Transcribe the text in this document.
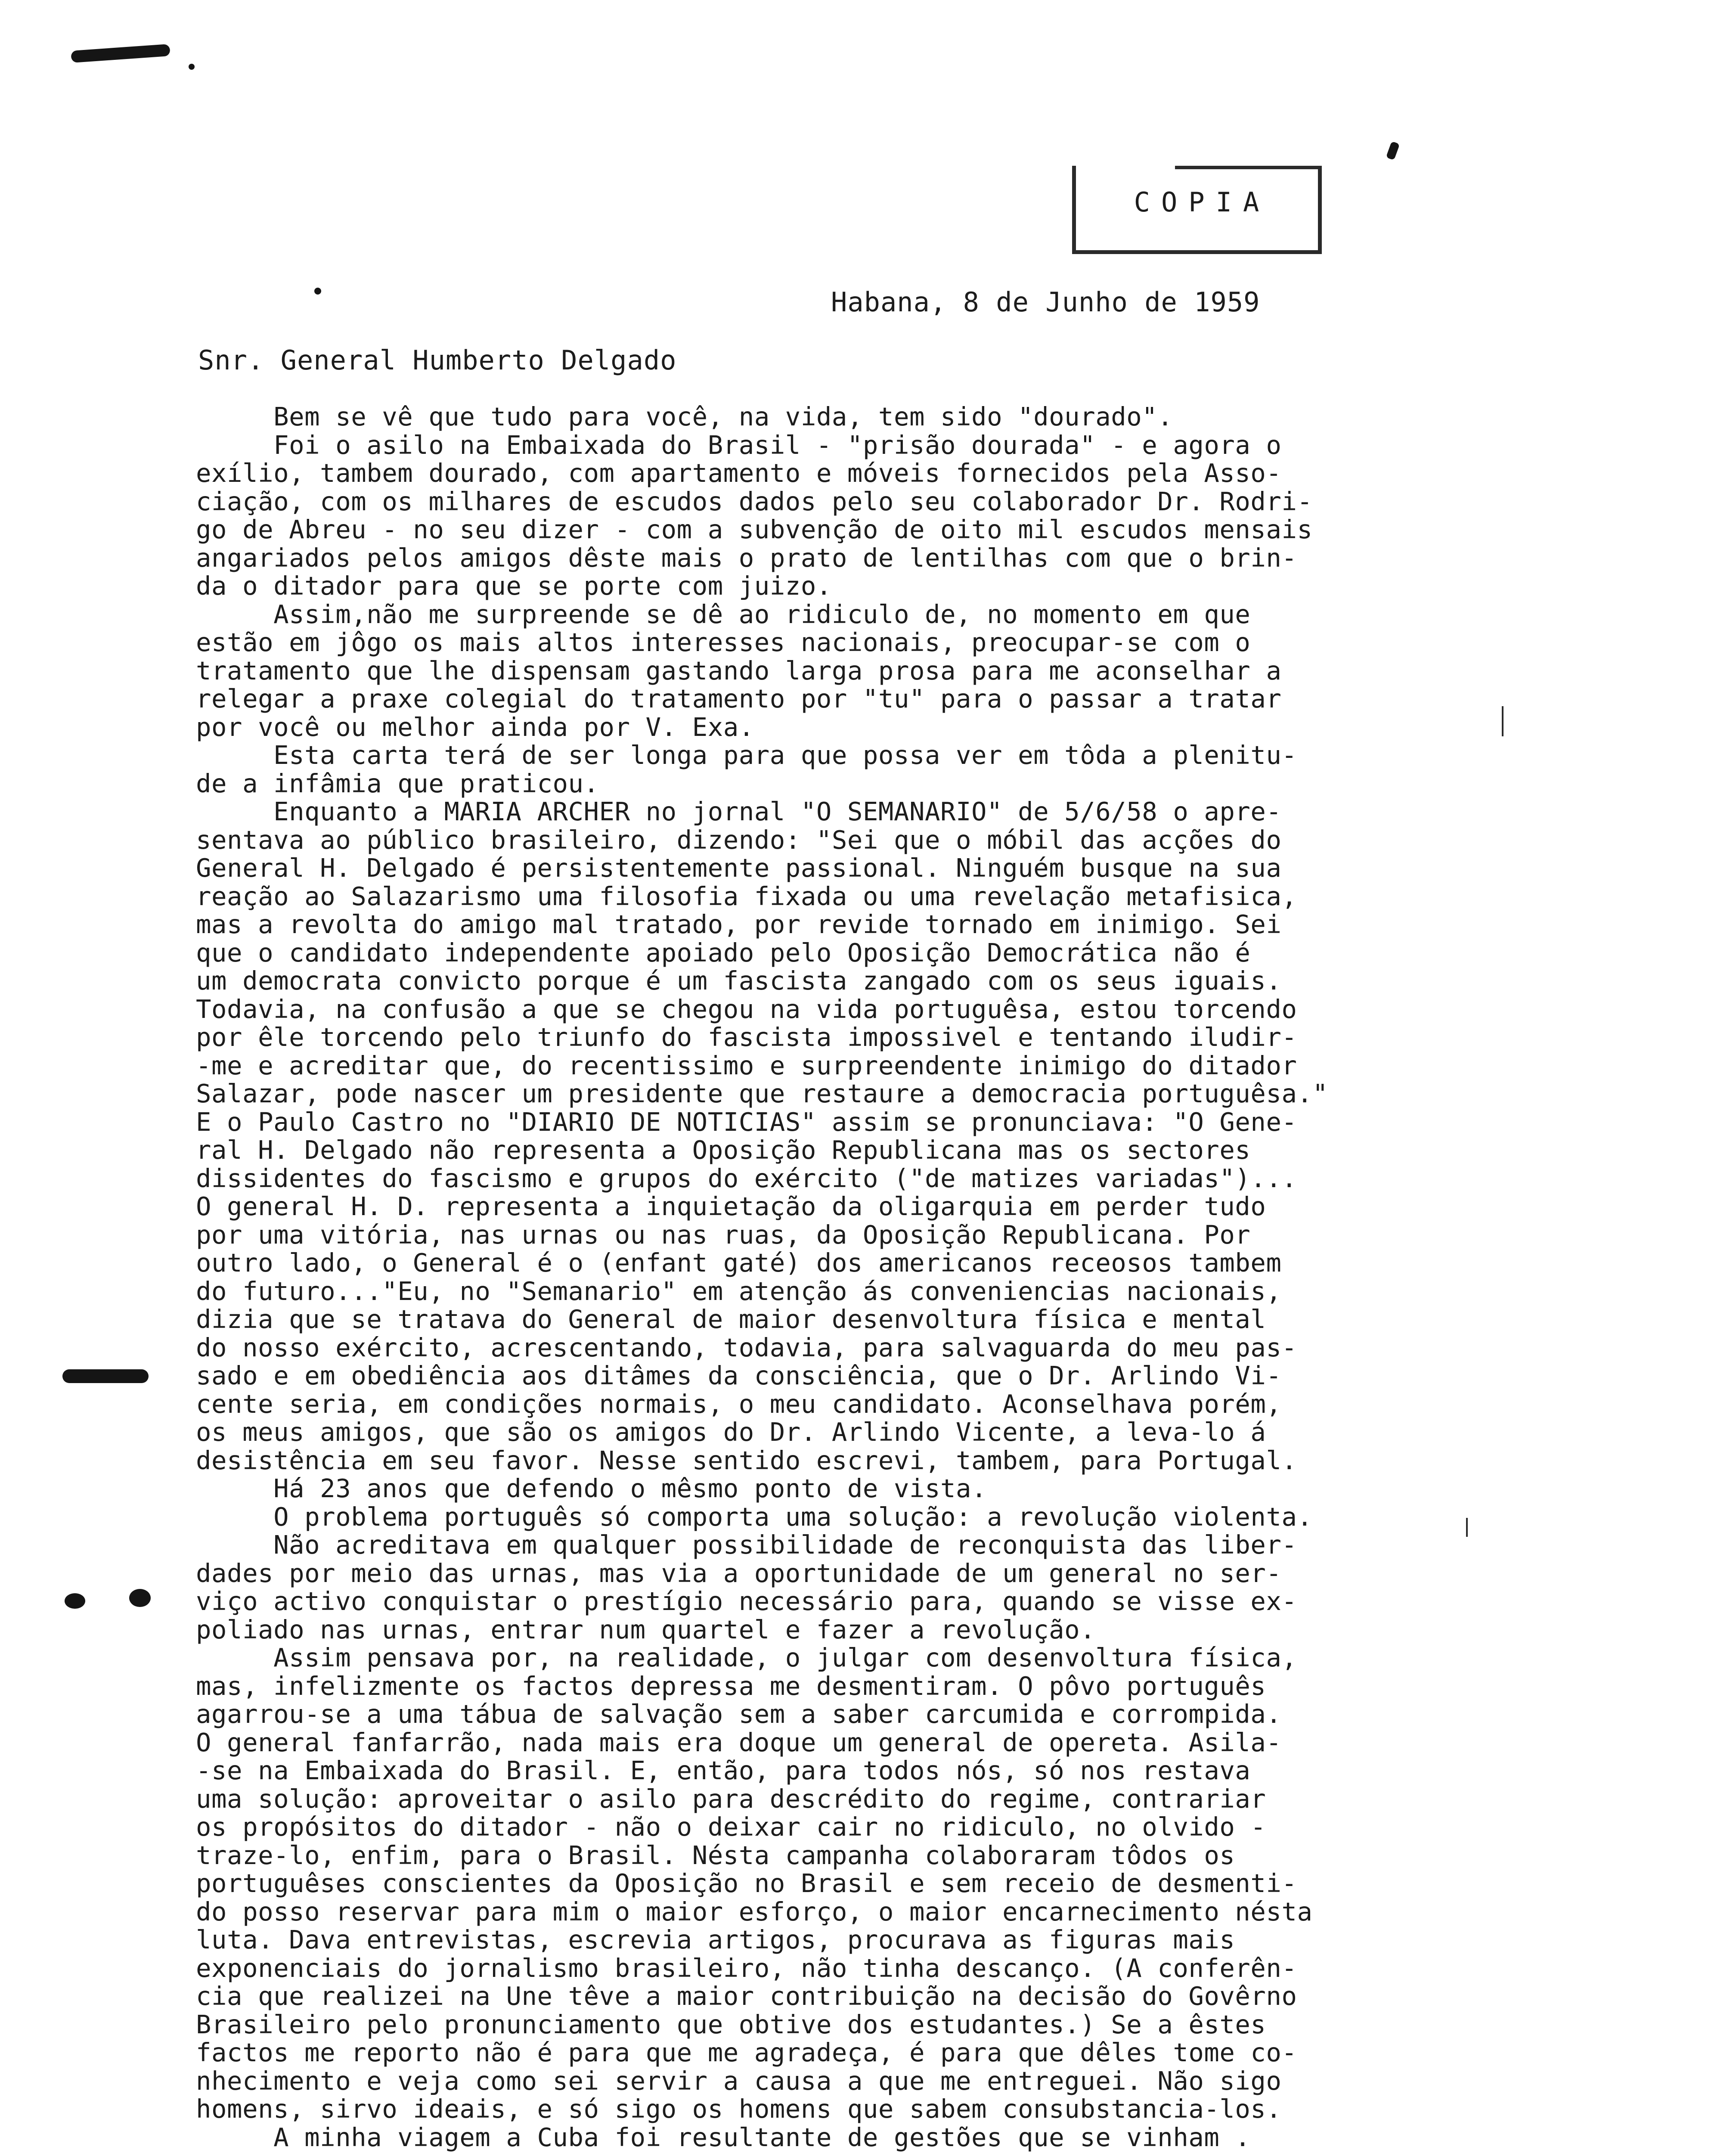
COPIA
Habana, 8 de Junho de 1959
Snr. General Humberto Delgado
Bem se vê que tudo para você, na vida, tem sido "dourado".
Foi o asilo na Embaixada do Brasil - "prisão dourada" - e agora o
exílio, tambem dourado, com apartamento e móveis fornecidos pela Asso-
ciação, com os milhares de escudos dados pelo seu colaborador Dr. Rodri-
go de Abreu - no seu dizer - com a subvenção de oito mil escudos mensais
angariados pelos amigos dêste mais o prato de lentilhas com que o brin-
da o ditador para que se porte com juizo.
Assim,não me surpreende se dê ao ridiculo de, no momento em que
estão em jôgo os mais altos interesses nacionais, preocupar-se com o
tratamento que lhe dispensam gastando larga prosa para me aconselhar a
relegar a praxe colegial do tratamento por "tu" para o passar a tratar
por você ou melhor ainda por V. Exa.
Esta carta terá de ser longa para que possa ver em tôda a plenitu-
de a infâmia que praticou.
Enquanto a MARIA ARCHER no jornal "O SEMANARIO" de 5/6/58 o apre-
sentava ao público brasileiro, dizendo: "Sei que o móbil das acções do
General H. Delgado é persistentemente passional. Ninguém busque na sua
reação ao Salazarismo uma filosofia fixada ou uma revelação metafisica,
mas a revolta do amigo mal tratado, por revide tornado em inimigo. Sei
que o candidato independente apoiado pelo Oposição Democrática não é
um democrata convicto porque é um fascista zangado com os seus iguais.
Todavia, na confusão a que se chegou na vida portuguêsa, estou torcendo
por êle torcendo pelo triunfo do fascista impossivel e tentando iludir-
-me e acreditar que, do recentissimo e surpreendente inimigo do ditador
Salazar, pode nascer um presidente que restaure a democracia portuguêsa."
E o Paulo Castro no "DIARIO DE NOTICIAS" assim se pronunciava: "O Gene-
ral H. Delgado não representa a Oposição Republicana mas os sectores
dissidentes do fascismo e grupos do exército ("de matizes variadas")...
O general H. D. representa a inquietação da oligarquia em perder tudo
por uma vitória, nas urnas ou nas ruas, da Oposição Republicana. Por
outro lado, o General é o (enfant gaté) dos americanos receosos tambem
do futuro..."Eu, no "Semanario" em atenção ás conveniencias nacionais,
dizia que se tratava do General de maior desenvoltura física e mental
do nosso exército, acrescentando, todavia, para salvaguarda do meu pas-
sado e em obediência aos ditâmes da consciência, que o Dr. Arlindo Vi-
cente seria, em condições normais, o meu candidato. Aconselhava porém,
os meus amigos, que são os amigos do Dr. Arlindo Vicente, a leva-lo á
desistência em seu favor. Nesse sentido escrevi, tambem, para Portugal.
Há 23 anos que defendo o mêsmo ponto de vista.
O problema português só comporta uma solução: a revolução violenta.
Não acreditava em qualquer possibilidade de reconquista das liber-
dades por meio das urnas, mas via a oportunidade de um general no ser-
viço activo conquistar o prestígio necessário para, quando se visse ex-
poliado nas urnas, entrar num quartel e fazer a revolução.
Assim pensava por, na realidade, o julgar com desenvoltura física,
mas, infelizmente os factos depressa me desmentiram. O pôvo português
agarrou-se a uma tábua de salvação sem a saber carcumida e corrompida.
O general fanfarrão, nada mais era doque um general de opereta. Asila-
-se na Embaixada do Brasil. E, então, para todos nós, só nos restava
uma solução: aproveitar o asilo para descrédito do regime, contrariar
os propósitos do ditador - não o deixar cair no ridiculo, no olvido -
traze-lo, enfim, para o Brasil. Nésta campanha colaboraram tôdos os
portuguêses conscientes da Oposição no Brasil e sem receio de desmenti-
do posso reservar para mim o maior esforço, o maior encarnecimento nésta
luta. Dava entrevistas, escrevia artigos, procurava as figuras mais
exponenciais do jornalismo brasileiro, não tinha descanço. (A conferên-
cia que realizei na Une têve a maior contribuição na decisão do Govêrno
Brasileiro pelo pronunciamento que obtive dos estudantes.) Se a êstes
factos me reporto não é para que me agradeça, é para que dêles tome co-
nhecimento e veja como sei servir a causa a que me entreguei. Não sigo
homens, sirvo ideais, e só sigo os homens que sabem consubstancia-los.
A minha viagem a Cuba foi resultante de gestões que se vinham .
